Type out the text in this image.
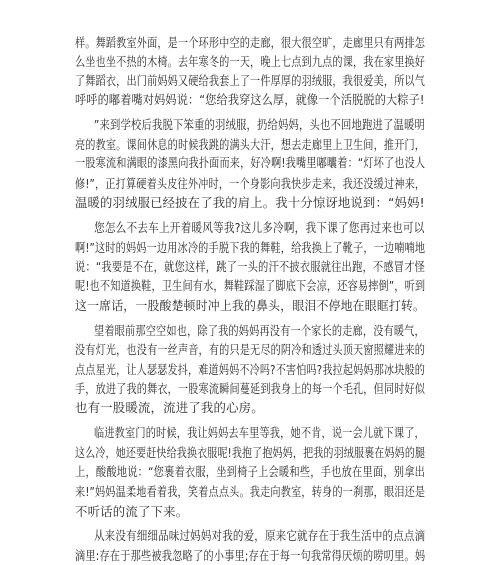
样。舞蹈教室外面，是一个环形中空的走廊，很大很空旷，走廊里只有两排怎
么坐也坐不热的木椅。去年寒冬的一天，晚上七点到九点的课，我在家里换好
了舞蹈衣，出门前妈妈又硬给我套上了一件厚厚的羽绒服，我很爱美，所以气
呼呼的嘟着嘴对妈妈说：“您给我穿这么厚，就像一个活脱脱的大粽子!
”来到学校后我脱下笨重的羽绒服，扔给妈妈，头也不回地跑进了温暖明
亮的教室。课间休息的时候我跳的满头大汗，想去走廊里上卫生间，推开门，
一股寒流和满眼的漆黑向我扑面而来，好冷啊!我嘴里嘟囔着：“灯坏了也没人
修!”，正打算硬着头皮往外冲时，一个身影向我快步走来，我还没缓过神来，
温暖的羽绒服已经披在了我的肩上。我十分惊讶地说到：“妈妈!
您怎么不去车上开着暖风等我?这儿多冷啊，我下课了您再过来也可以
啊!”这时的妈妈一边用冰冷的手脱下我的舞鞋，给我换上了靴子，一边喃喃地
说：“我要是不在，就您这样，跳了一头的汗不披衣服就往出跑，不感冒才怪
呢!也不知道换鞋，卫生间有水，舞鞋踩湿了脚底下会凉，还容易摔倒”，听到
这一席话，一股酸楚顿时冲上我的鼻头，眼泪不停地在眼眶打转。
望着眼前那空空如也，除了我的妈妈再没有一个家长的走廊，没有暖气，
没有灯光，也没有一丝声音，有的只是无尽的阴冷和透过头顶天窗照耀进来的
点点星光，让人瑟瑟发抖，难道妈妈不冷吗?不害怕吗?我拉起妈妈那冰块般的
手，放进了我的舞衣，一股寒流瞬间蔓延到我身上的每一个毛孔，但同时好似
也有一股暖流，流进了我的心房。
临进教室门的时候，我让妈妈去车里等我，她不肯，说一会儿就下课了，
这么冷，她还要赶快给我换衣服呢!我抱了抱妈妈，把我的羽绒服裹在妈妈的腿
上，酸酸地说：“您裹着衣服，坐到椅子上会暖和些，手也放在里面，别拿出
来!”妈妈温柔地看着我，笑着点点头。我走向教室，转身的一刹那，眼泪还是
不听话的流了下来。
从来没有细细品味过妈妈对我的爱，原来它就存在于我生活中的点点滴
滴里:存在于那些被我忽略了的小事里;存在于每一句我常得厌烦的唠叨里。妈
